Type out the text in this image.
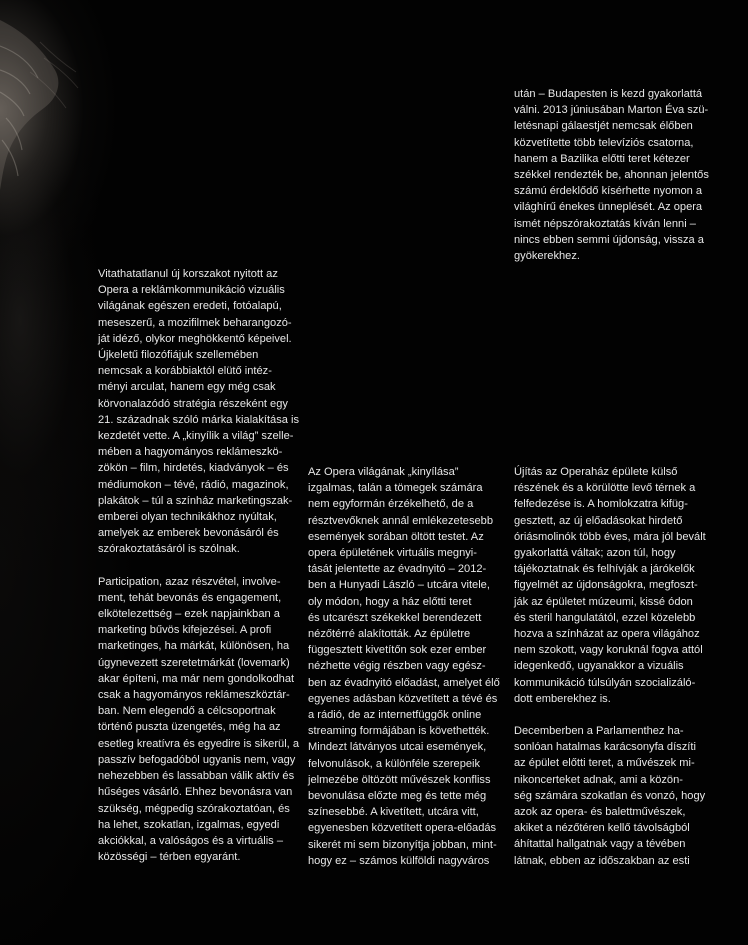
Vitathatatlanul új korszakot nyitott az
Opera a reklámkommunikáció vizuális
világának egészen eredeti, fotóalapú,
meseszerű, a mozifilmek beharangozó-
ját idéző, olykor meghökkentő képeivel.
Újkeletű filozófiájuk szellemében
nemcsak a korábbiaktól elütő intéz-
ményi arculat, hanem egy még csak
körvonalazódó stratégia részeként egy
21. századnak szóló márka kialakítása is
kezdetét vette. A „kinyílik a világ” szelle-
mében a hagyományos reklámeszkö-
zökön – film, hirdetés, kiadványok – és
médiumokon – tévé, rádió, magazinok,
plakátok – túl a színház marketingszak-
emberei olyan technikákhoz nyúltak,
amelyek az emberek bevonásáról és
szórakoztatásáról is szólnak.
Participation, azaz részvétel, involve-
ment, tehát bevonás és engagement,
elkötelezettség – ezek napjainkban a
marketing bűvös kifejezései. A profi
marketinges, ha márkát, különösen, ha
úgynevezett szeretetmárkát (lovemark)
akar építeni, ma már nem gondolkodhat
csak a hagyományos reklámeszköztár-
ban. Nem elegendő a célcsoportnak
történő puszta üzengetés, még ha az
esetleg kreatívra és egyedire is sikerül, a
passzív befogadóból ugyanis nem, vagy
nehezebben és lassabban válik aktív és
hűséges vásárló. Ehhez bevonásra van
szükség, mégpedig szórakoztatóan, és
ha lehet, szokatlan, izgalmas, egyedi
akciókkal, a valóságos és a virtuális –
közösségi – térben egyaránt.
Az Opera világának „kinyílása”
izgalmas, talán a tömegek számára
nem egyformán érzékelhető, de a
résztvevőknek annál emlékezetesebb
események sorában öltött testet. Az
opera épületének virtuális megnyi-
tását jelentette az évadnyitó – 2012-
ben a Hunyadi László – utcára vitele,
oly módon, hogy a ház előtti teret
és utcarészt székekkel berendezett
nézőtérré alakították. Az épületre
függesztett kivetítőn sok ezer ember
nézhette végig részben vagy egész-
ben az évadnyitó előadást, amelyet élő
egyenes adásban közvetített a tévé és
a rádió, de az internetfüggők online
streaming formájában is követhették.
Mindezt látványos utcai események,
felvonulások, a különféle szerepeik
jelmezébe öltözött művészek konfliss
bevonulása előzte meg és tette még
színesebbé. A kivetített, utcára vitt,
egyenesben közvetített opera-előadás
sikerét mi sem bizonyítja jobban, mint-
hogy ez – számos külföldi nagyváros
után – Budapesten is kezd gyakorlattá
válni. 2013 júniusában Marton Éva szü-
letésnapi gálaestjét nemcsak élőben
közvetítette több televíziós csatorna,
hanem a Bazilika előtti teret kétezer
székkel rendezték be, ahonnan jelentős
számú érdeklődő kísérhette nyomon a
világhírű énekes ünneplését. Az opera
ismét népszórakoztatás kíván lenni –
nincs ebben semmi újdonság, vissza a
gyökerekhez.
Újítás az Operaház épülete külső
részének és a körülötte levő térnek a
felfedezése is. A homlokzatra kifüg-
gesztett, az új előadásokat hirdető
óriásmolinók több éves, mára jól bevált
gyakorlattá váltak; azon túl, hogy
tájékoztatnak és felhívják a járókelők
figyelmét az újdonságokra, megfoszt-
ják az épületet múzeumi, kissé ódon
és steril hangulatától, ezzel közelebb
hozva a színházat az opera világához
nem szokott, vagy koruknál fogva attól
idegenkedő, ugyanakkor a vizuális
kommunikáció túlsúlyán szocializáló-
dott emberekhez is.
Decemberben a Parlamenthez ha-
sonlóan hatalmas karácsonyfa díszíti
az épület előtti teret, a művészek mi-
nikoncerteket adnak, ami a közön-
ség számára szokatlan és vonzó, hogy
azok az opera- és balettművészek,
akiket a nézőtéren kellő távolságból
áhítattal hallgatnak vagy a tévében
látnak, ebben az időszakban az esti
